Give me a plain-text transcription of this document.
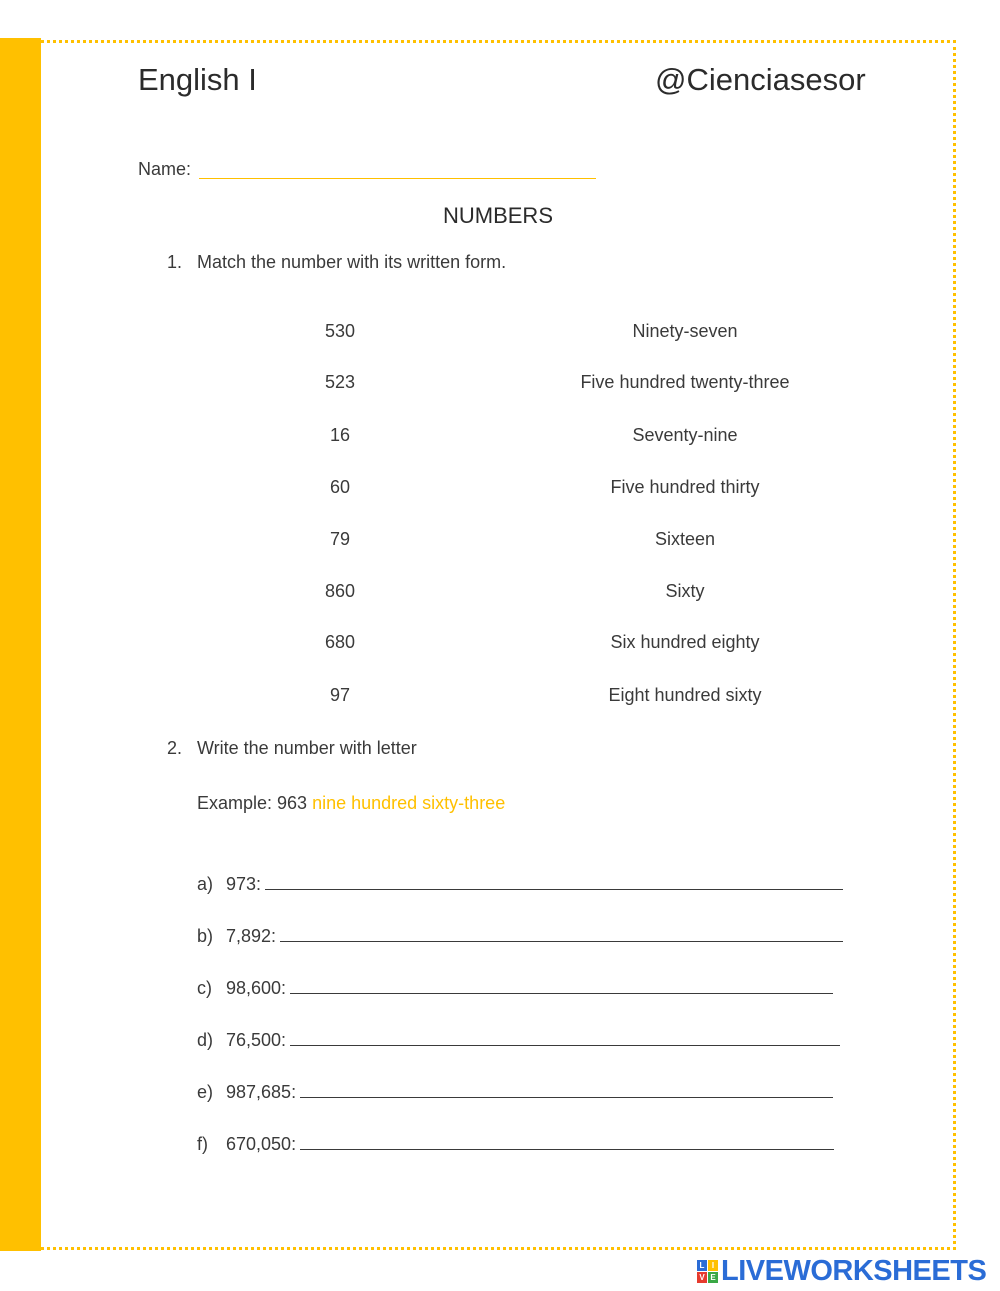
English I	@Cienciasesor
Name:
NUMBERS
1. Match the number with its written form.
530
523
16
60
79
860
680
97
Ninety-seven
Five hundred twenty-three
Seventy-nine
Five hundred thirty
Sixteen
Sixty
Six hundred eighty
Eight hundred sixty
2. Write the number with letter
Example: 963 nine hundred sixty-three
a) 973:
b) 7,892:
c) 98,600:
d) 76,500:
e) 987,685:
f) 670,050:
L I
V E LIVEWORKSHEETS
